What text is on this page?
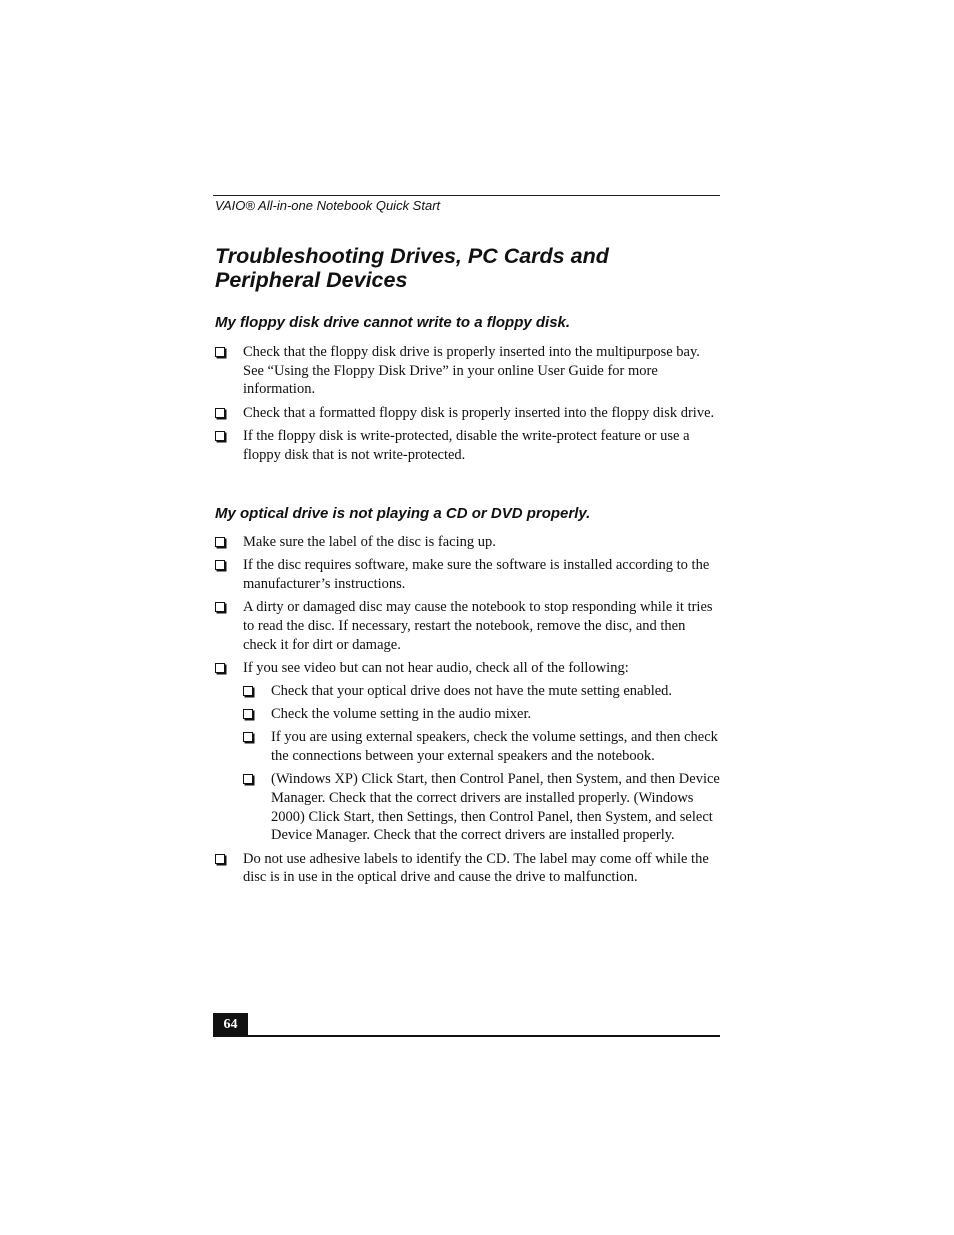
VAIO® All-in-one Notebook Quick Start
Troubleshooting Drives, PC Cards and
Peripheral Devices
My floppy disk drive cannot write to a floppy disk.
Check that the floppy disk drive is properly inserted into the multipurpose bay. See “Using the Floppy Disk Drive” in your online User Guide for more information.
Check that a formatted floppy disk is properly inserted into the floppy disk drive.
If the floppy disk is write-protected, disable the write-protect feature or use a floppy disk that is not write-protected.
My optical drive is not playing a CD or DVD properly.
Make sure the label of the disc is facing up.
If the disc requires software, make sure the software is installed according to the manufacturer’s instructions.
A dirty or damaged disc may cause the notebook to stop responding while it tries to read the disc. If necessary, restart the notebook, remove the disc, and then check it for dirt or damage.
If you see video but can not hear audio, check all of the following:
Check that your optical drive does not have the mute setting enabled.
Check the volume setting in the audio mixer.
If you are using external speakers, check the volume settings, and then check the connections between your external speakers and the notebook.
(Windows XP) Click Start, then Control Panel, then System, and then Device Manager. Check that the correct drivers are installed properly. (Windows 2000) Click Start, then Settings, then Control Panel, then System, and select Device Manager. Check that the correct drivers are installed properly.
Do not use adhesive labels to identify the CD. The label may come off while the disc is in use in the optical drive and cause the drive to malfunction.
64
